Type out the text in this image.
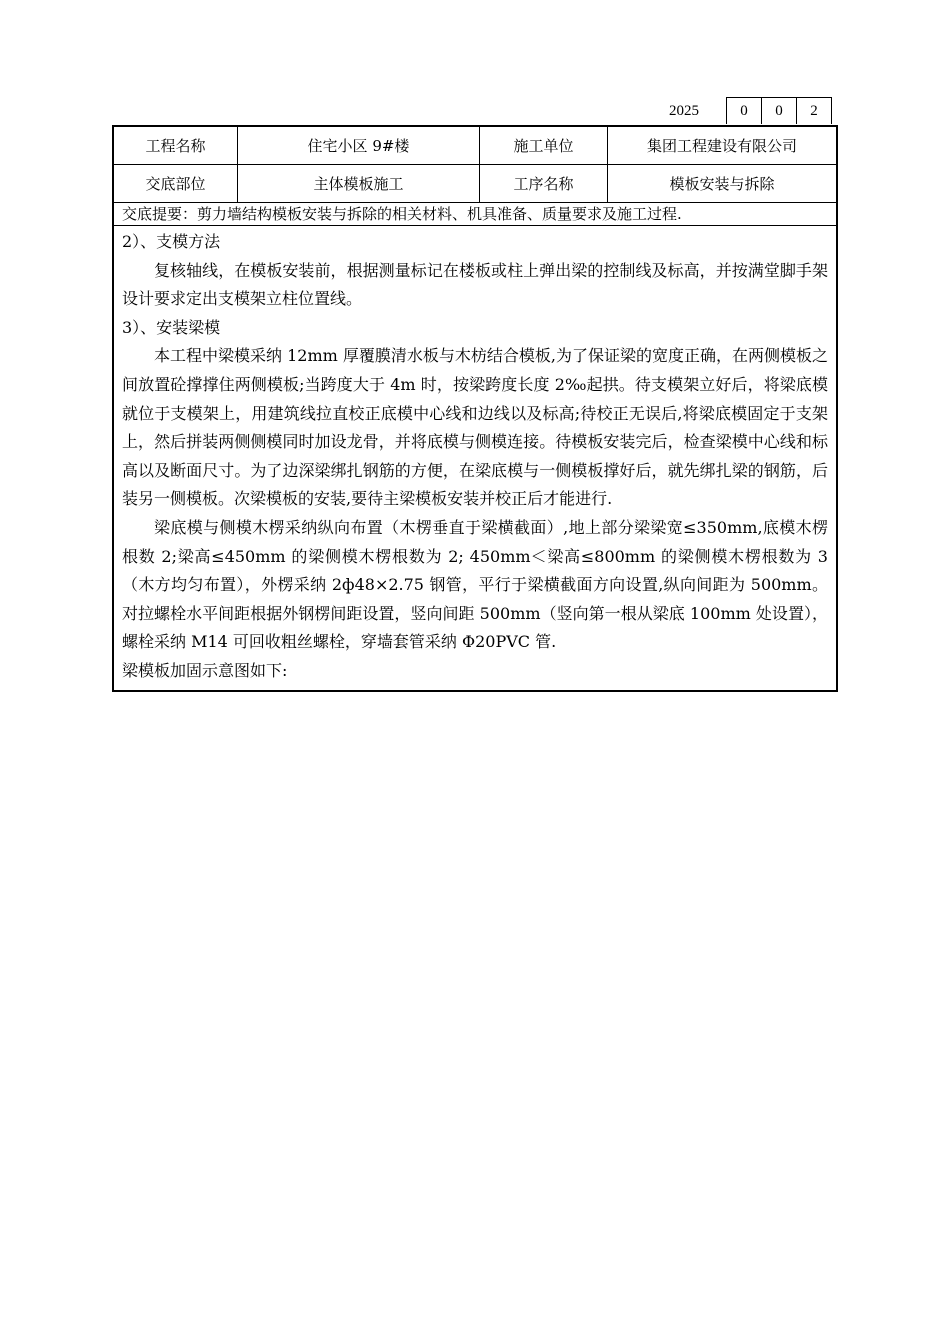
2025	0	0	2
工程名称	住宅小区 9#楼	施工单位	集团工程建设有限公司
交底部位	主体模板施工	工序名称	模板安装与拆除
交底提要：剪力墙结构模板安装与拆除的相关材料、机具准备、质量要求及施工过程.

2）、支模方法

复核轴线，在模板安装前，根据测量标记在楼板或柱上弹出梁的控制线及标高，并按满堂脚手架设计要求定出支模架立柱位置线。

3）、安装梁模

本工程中梁模采纳 12mm 厚覆膜清水板与木枋结合模板,为了保证梁的宽度正确，在两侧模板之间放置砼撑撑住两侧模板;当跨度大于 4m 时，按梁跨度长度 2‰起拱。待支模架立好后，将梁底模就位于支模架上，用建筑线拉直校正底模中心线和边线以及标高;待校正无误后,将梁底模固定于支架上，然后拼装两侧侧模同时加设龙骨，并将底模与侧模连接。待模板安装完后，检查梁模中心线和标高以及断面尺寸。为了边深梁绑扎钢筋的方便，在梁底模与一侧模板撑好后，就先绑扎梁的钢筋，后装另一侧模板。次梁模板的安装,要待主梁模板安装并校正后才能进行.

梁底模与侧模木楞采纳纵向布置（木楞垂直于梁横截面）,地上部分梁梁宽≤350mm,底模木楞根数 2;梁高≤450mm 的梁侧模木楞根数为 2; 450mm＜梁高≤800mm 的梁侧模木楞根数为 3（木方均匀布置），外楞采纳 2ф48×2.75 钢管，平行于梁横截面方向设置,纵向间距为 500mm。对拉螺栓水平间距根据外钢楞间距设置，竖向间距 500mm（竖向第一根从梁底 100mm 处设置），螺栓采纳 M14 可回收粗丝螺栓，穿墙套管采纳 Φ20PVC 管.

梁模板加固示意图如下:
